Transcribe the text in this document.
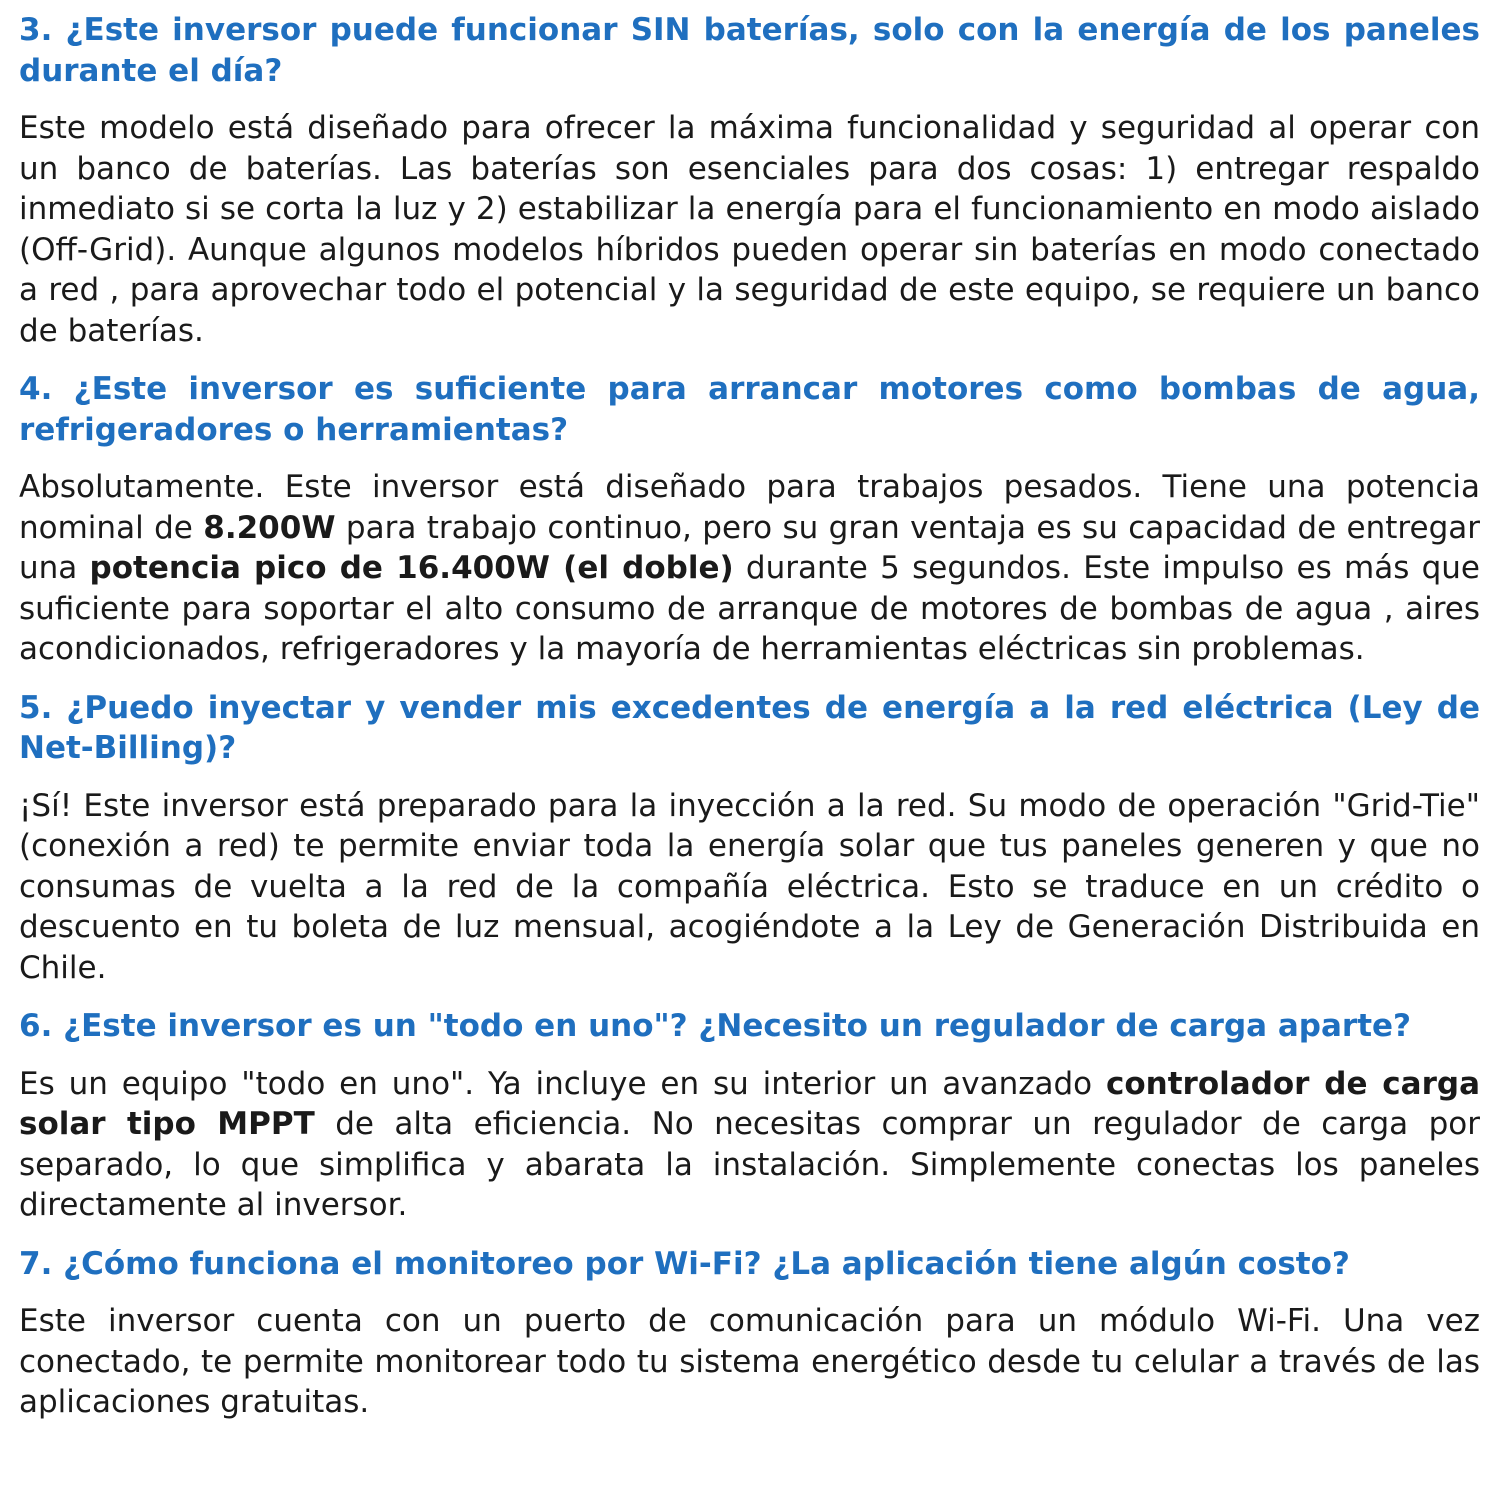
3. ¿Este inversor puede funcionar SIN baterías, solo con la energía de los paneles durante el día?
Este modelo está diseñado para ofrecer la máxima funcionalidad y seguridad al operar con un banco de baterías. Las baterías son esenciales para dos cosas: 1) entregar respaldo inmediato si se corta la luz y 2) estabilizar la energía para el funcionamiento en modo aislado (Off-Grid). Aunque algunos modelos híbridos pueden operar sin baterías en modo conectado a red , para aprovechar todo el potencial y la seguridad de este equipo, se requiere un banco de baterías.
4. ¿Este inversor es suficiente para arrancar motores como bombas de agua, refrigeradores o herramientas?
Absolutamente. Este inversor está diseñado para trabajos pesados. Tiene una potencia nominal de 8.200W para trabajo continuo, pero su gran ventaja es su capacidad de entregar una potencia pico de 16.400W (el doble) durante 5 segundos. Este impulso es más que suficiente para soportar el alto consumo de arranque de motores de bombas de agua , aires acondicionados, refrigeradores y la mayoría de herramientas eléctricas sin problemas.
5. ¿Puedo inyectar y vender mis excedentes de energía a la red eléctrica (Ley de Net-Billing)?
¡Sí! Este inversor está preparado para la inyección a la red. Su modo de operación "Grid-Tie" (conexión a red) te permite enviar toda la energía solar que tus paneles generen y que no consumas de vuelta a la red de la compañía eléctrica. Esto se traduce en un crédito o descuento en tu boleta de luz mensual, acogiéndote a la Ley de Generación Distribuida en Chile.
6. ¿Este inversor es un "todo en uno"? ¿Necesito un regulador de carga aparte?
Es un equipo "todo en uno". Ya incluye en su interior un avanzado controlador de carga solar tipo MPPT de alta eficiencia. No necesitas comprar un regulador de carga por separado, lo que simplifica y abarata la instalación. Simplemente conectas los paneles directamente al inversor.
7. ¿Cómo funciona el monitoreo por Wi-Fi? ¿La aplicación tiene algún costo?
Este inversor cuenta con un puerto de comunicación para un módulo Wi-Fi. Una vez conectado, te permite monitorear todo tu sistema energético desde tu celular a través de las aplicaciones gratuitas.
